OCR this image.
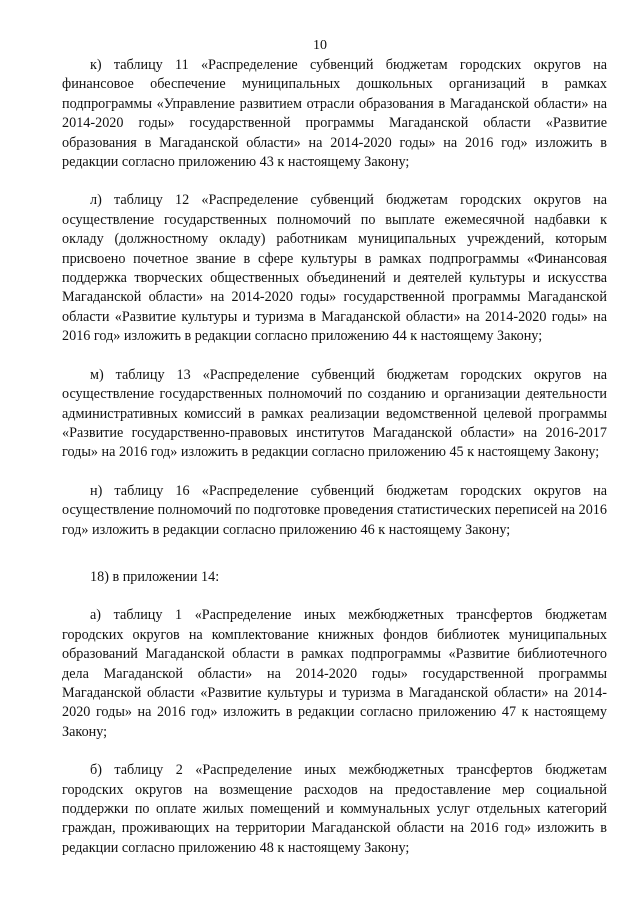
10

к) таблицу 11 «Распределение субвенций бюджетам городских округов на финансовое обеспечение муниципальных дошкольных организаций в рамках подпрограммы «Управление развитием отрасли образования в Магаданской области» на 2014-2020 годы» государственной программы Магаданской области «Развитие образования в Магаданской области» на 2014-2020 годы» на 2016 год» изложить в редакции согласно приложению 43 к настоящему Закону;

л) таблицу 12 «Распределение субвенций бюджетам городских округов на осуществление государственных полномочий по выплате ежемесячной надбавки к окладу (должностному окладу) работникам муниципальных учреждений, которым присвоено почетное звание в сфере культуры в рамках подпрограммы «Финансовая поддержка творческих общественных объединений и деятелей культуры и искусства Магаданской области» на 2014-2020 годы» государственной программы Магаданской области «Развитие культуры и туризма в Магаданской области» на 2014-2020 годы» на 2016 год» изложить в редакции согласно приложению 44 к настоящему Закону;

м) таблицу 13 «Распределение субвенций бюджетам городских округов на осуществление государственных полномочий по созданию и организации деятельности административных комиссий в рамках реализации ведомственной целевой программы «Развитие государственно-правовых институтов Магаданской области» на 2016-2017 годы» на 2016 год» изложить в редакции согласно приложению 45 к настоящему Закону;

н) таблицу 16 «Распределение субвенций бюджетам городских округов на осуществление полномочий по подготовке проведения статистических переписей на 2016 год» изложить в редакции согласно приложению 46 к настоящему Закону;

18) в приложении 14:

а) таблицу 1 «Распределение иных межбюджетных трансфертов бюджетам городских округов на комплектование книжных фондов библиотек муниципальных образований Магаданской области в рамках подпрограммы «Развитие библиотечного дела Магаданской области» на 2014-2020 годы» государственной программы Магаданской области «Развитие культуры и туризма в Магаданской области» на 2014-2020 годы» на 2016 год» изложить в редакции согласно приложению 47 к настоящему Закону;

б) таблицу 2 «Распределение иных межбюджетных трансфертов бюджетам городских округов на возмещение расходов на предоставление мер социальной поддержки по оплате жилых помещений и коммунальных услуг отдельных категорий граждан, проживающих на территории Магаданской области на 2016 год» изложить в редакции согласно приложению 48 к настоящему Закону;
